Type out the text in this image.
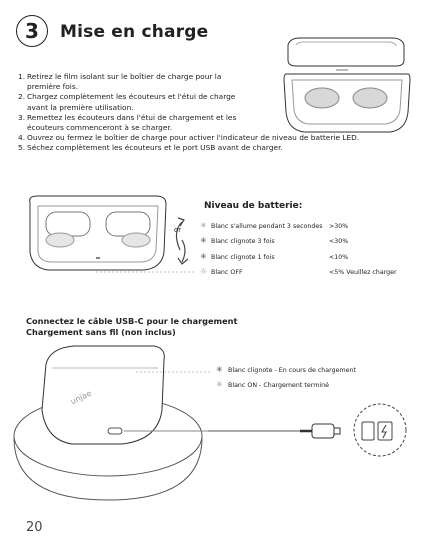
3	Mise en charge
1. Retirez le film isolant sur le boîtier de charge pour la première fois.
2. Chargez complètement les écouteurs et l'étui de charge avant la première utilisation.
3. Remettez les écouteurs dans l'étui de chargement et les écouteurs commenceront à se charger.
4. Ouvrez ou fermez le boîtier de charge pour activer l'indicateur de niveau de batterie LED.
5. Séchez complètement les écouteurs et le port USB avant de charger.
or
Niveau de batterie:
✳ Blanc s'allume pendant 3 secondes >30%
✳ Blanc clignote 3 fois	<30%
✳ Blanc clignote 1 fois	<10%
☼ Blanc OFF	<5% Veuillez charger
Connectez le câble USB-C pour le chargement
Chargement sans fil (non inclus)
unjae
✳ Blanc clignote - En cours de chargement
✳ Blanc ON - Chargement terminé
20
